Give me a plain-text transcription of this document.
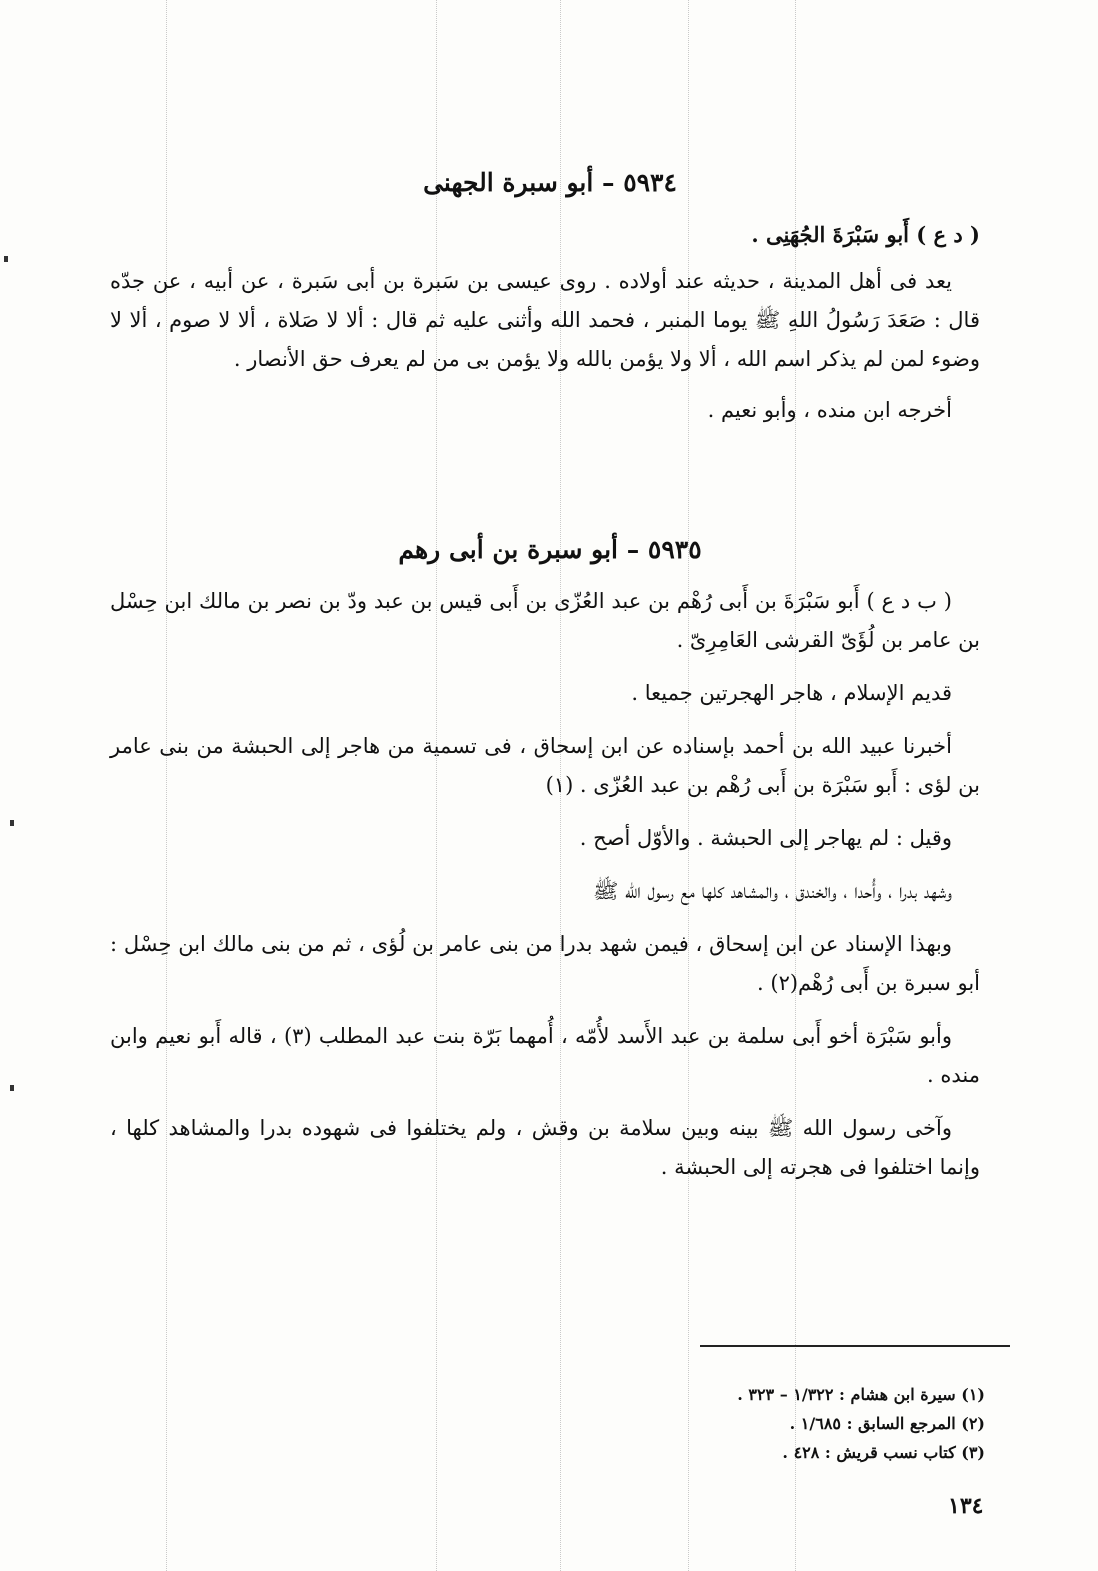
٥٩٣٤ – أبو سبرة الجهنى

( د ع ) أَبو سَبْرَةَ الجُهَنِى .

يعد فى أهل المدينة ، حديثه عند أولاده . روى عيسى بن سَبرة بن أبى سَبرة ، عن أبيه ، عن جدّه قال : صَعَدَ رَسُولُ اللهِ ﷺ يوما المنبر ، فحمد الله وأثنى عليه ثم قال : ألا لا صَلاة ، ألا لا صوم ، ألا لا وضوء لمن لم يذكر اسم الله ، ألا ولا يؤمن بالله ولا يؤمن بى من لم يعرف حق الأنصار .

أخرجه ابن منده ، وأبو نعيم .

٥٩٣٥ – أبو سبرة بن أبى رهم

( ب د ع ) أَبو سَبْرَةَ بن أَبى رُهْم بن عبد العُزّى بن أَبى قيس بن عبد ودّ بن نصر بن مالك ابن حِسْل بن عامر بن لُؤَىّ القرشى العَامِرِىّ .

قديم الإسلام ، هاجر الهجرتين جميعا .

أخبرنا عبيد الله بن أحمد بإسناده عن ابن إسحاق ، فى تسمية من هاجر إلى الحبشة من بنى عامر بن لؤى : أَبو سَبْرَة بن أَبى رُهْم بن عبد العُزّى . (١)

وقيل : لم يهاجر إلى الحبشة . والأوّل أصح .

وشهد بدرا ، وأُحدا ، والخندق ، والمشاهد كلها مع رسول الله ﷺ

وبهذا الإسناد عن ابن إسحاق ، فيمن شهد بدرا من بنى عامر بن لُؤى ، ثم من بنى مالك ابن حِسْل : أبو سبرة بن أَبى رُهْم(٢) .

وأبو سَبْرَة أخو أَبى سلمة بن عبد الأَسد لأُمّه ، أُمهما بَرّة بنت عبد المطلب (٣) ، قاله أَبو نعيم وابن منده .

وآخى رسول الله ﷺ بينه وبين سلامة بن وقش ، ولم يختلفوا فى شهوده بدرا والمشاهد كلها ، وإنما اختلفوا فى هجرته إلى الحبشة .

(١) سيرة ابن هشام : ١/٣٢٢ – ٣٢٣ .
(٢) المرجع السابق : ١/٦٨٥ .
(٣) كتاب نسب قريش : ٤٢٨ .
١٣٤
